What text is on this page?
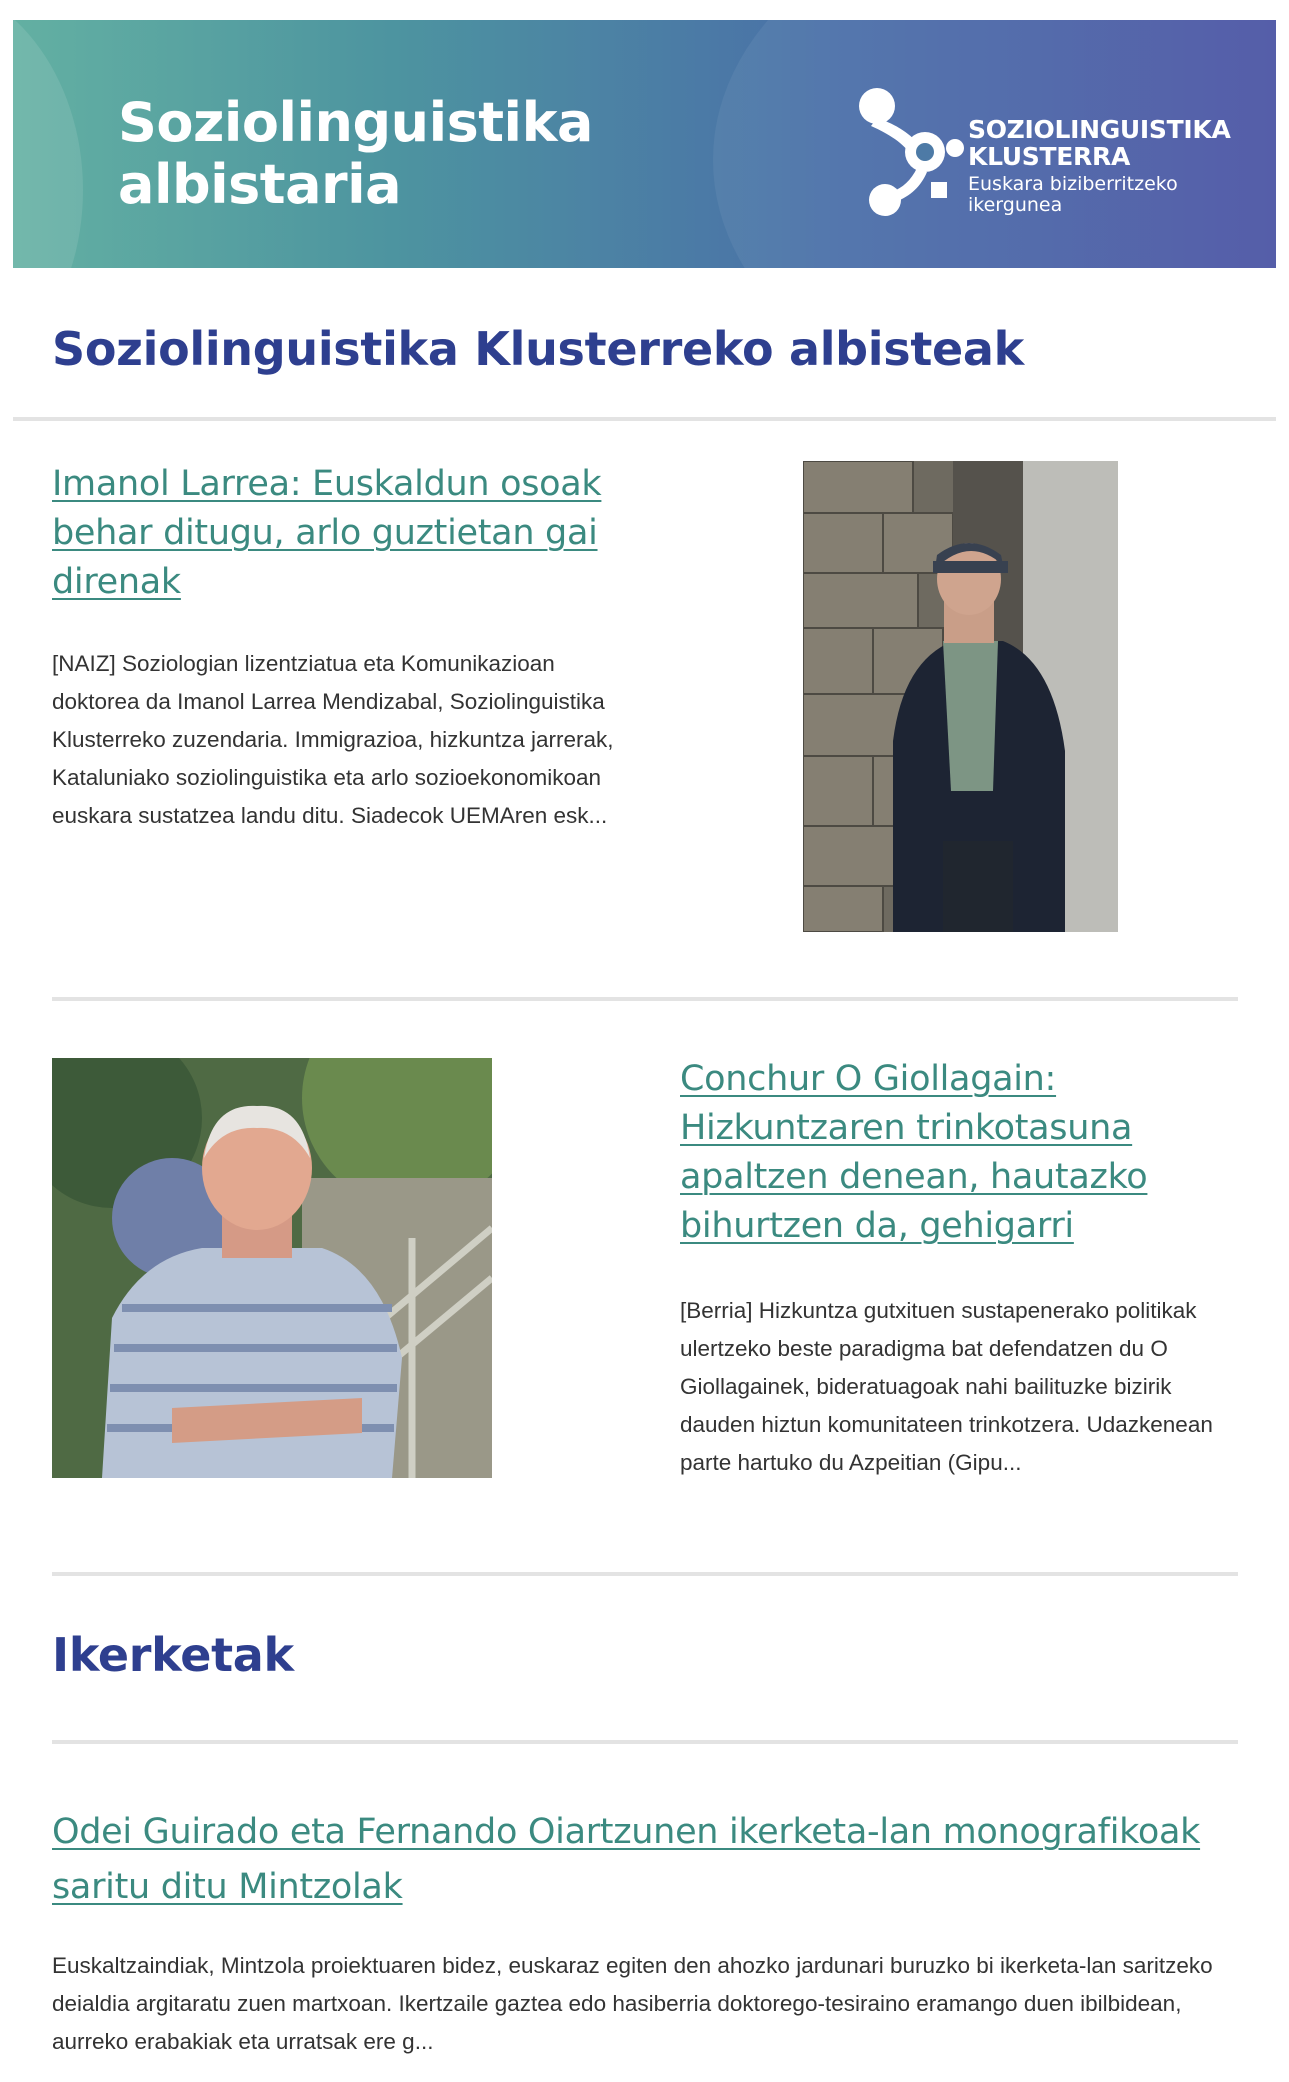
Soziolinguistika
albistaria
SOZIOLINGUISTIKA
KLUSTERRA
Euskara biziberritzeko
ikergunea
Soziolinguistika Klusterreko albisteak
Imanol Larrea: Euskaldun osoak behar ditugu, arlo guztietan gai direnak

[NAIZ] Soziologian lizentziatua eta Komunikazioan doktorea da Imanol Larrea Mendizabal, Soziolinguistika Klusterreko zuzendaria. Immigrazioa, hizkuntza jarrerak, Kataluniako soziolinguistika eta arlo sozioekonomikoan euskara sustatzea landu ditu. Siadecok UEMAren esk...

Conchur O Giollagain: Hizkuntzaren trinkotasuna apaltzen denean, hautazko bihurtzen da, gehigarri

[Berria] Hizkuntza gutxituen sustapenerako politikak ulertzeko beste paradigma bat defendatzen du O Giollagainek, bideratuagoak nahi bailituzke bizirik dauden hiztun komunitateen trinkotzera. Udazkenean parte hartuko du Azpeitian (Gipu...

Ikerketak
Odei Guirado eta Fernando Oiartzunen ikerketa-lan monografikoak saritu ditu Mintzolak

Euskaltzaindiak, Mintzola proiektuaren bidez, euskaraz egiten den ahozko jardunari buruzko bi ikerketa-lan saritzeko deialdia argitaratu zuen martxoan. Ikertzaile gaztea edo hasiberria doktorego-tesiraino eramango duen ibilbidean, aurreko erabakiak eta urratsak ere g...
